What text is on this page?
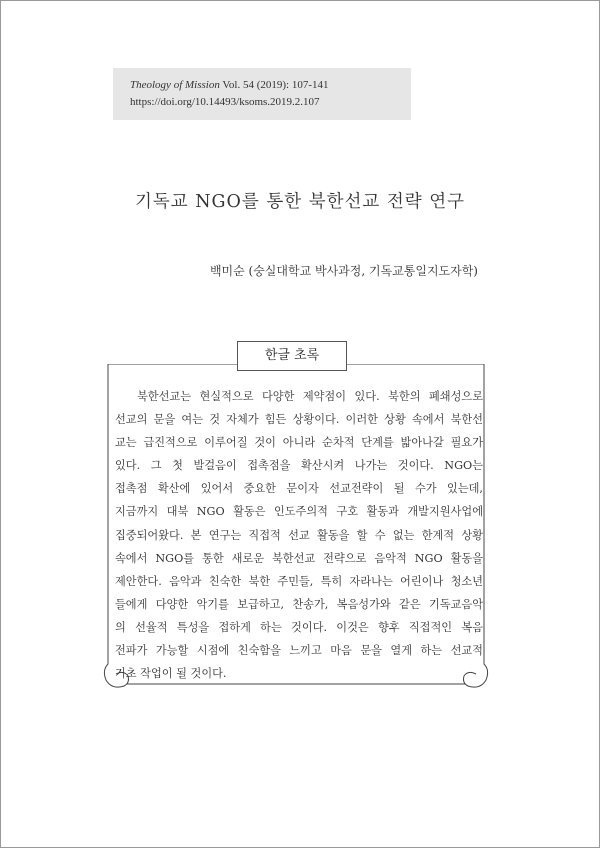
Theology of Mission Vol. 54 (2019): 107-141
https://doi.org/10.14493/ksoms.2019.2.107
기독교 NGO를 통한 북한선교 전략 연구
백미순 (숭실대학교 박사과정, 기독교통일지도자학)
한글 초록
북한선교는 현실적으로 다양한 제약점이 있다. 북한의 폐쇄성으로
선교의 문을 여는 것 자체가 힘든 상황이다. 이러한 상황 속에서 북한선
교는 급진적으로 이루어질 것이 아니라 순차적 단계를 밟아나갈 필요가
있다. 그 첫 발걸음이 접촉점을 확산시켜 나가는 것이다. NGO는
접촉점 확산에 있어서 중요한 문이자 선교전략이 될 수가 있는데,
지금까지 대북 NGO 활동은 인도주의적 구호 활동과 개발지원사업에
집중되어왔다. 본 연구는 직접적 선교 활동을 할 수 없는 한계적 상황
속에서 NGO를 통한 새로운 북한선교 전략으로 음악적 NGO 활동을
제안한다. 음악과 친숙한 북한 주민들, 특히 자라나는 어린이나 청소년
들에게 다양한 악기를 보급하고, 찬송가, 복음성가와 같은 기독교음악
의 선율적 특성을 접하게 하는 것이다. 이것은 향후 직접적인 복음
전파가 가능할 시점에 친숙함을 느끼고 마음 문을 열게 하는 선교적
기초 작업이 될 것이다.
